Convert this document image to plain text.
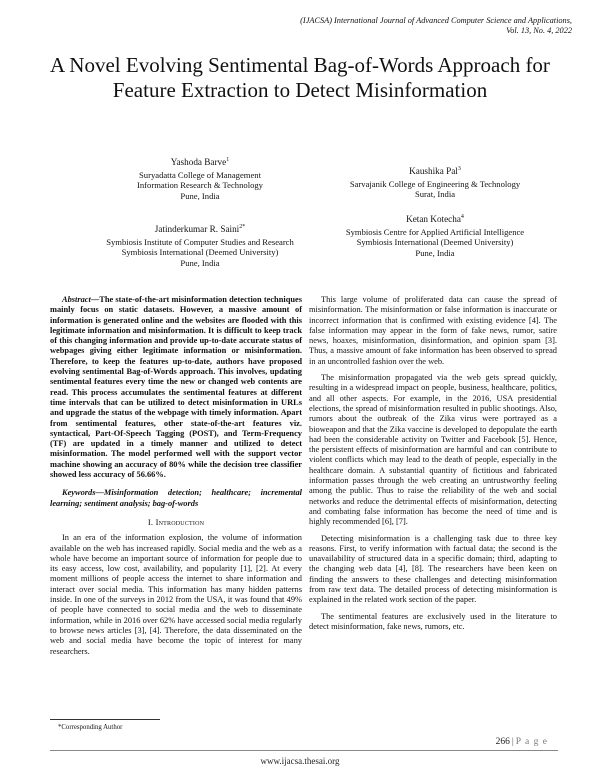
(IJACSA) International Journal of Advanced Computer Science and Applications,
Vol. 13, No. 4, 2022
A Novel Evolving Sentimental Bag-of-Words Approach for Feature Extraction to Detect Misinformation
Yashoda Barve$^1$
Suryadatta College of Management
Information Research & Technology
Pune, India
Jatinderkumar R. Saini$^{2*}$
Symbiosis Institute of Computer Studies and Research
Symbiosis International (Deemed University)
Pune, India
Kaushika Pal$^3$
Sarvajanik College of Engineering & Technology
Surat, India
Ketan Kotecha$^4$
Symbiosis Centre for Applied Artificial Intelligence
Symbiosis International (Deemed University)
Pune, India

Abstract—The state-of-the-art misinformation detection techniques mainly focus on static datasets. However, a massive amount of information is generated online and the websites are flooded with this legitimate information and misinformation. It is difficult to keep track of this changing information and provide up-to-date accurate status of webpages giving either legitimate information or misinformation. Therefore, to keep the features up-to-date, authors have proposed evolving sentimental Bag-of-Words approach. This involves, updating sentimental features every time the new or changed web contents are read. This process accumulates the sentimental features at different time intervals that can be utilized to detect misinformation in URLs and upgrade the status of the webpage with timely information. Apart from sentimental features, other state-of-the-art features viz. syntactical, Part-Of-Speech Tagging (POST), and Term-Frequency (TF) are updated in a timely manner and utilized to detect misinformation. The model performed well with the support vector machine showing an accuracy of 80% while the decision tree classifier showed less accuracy of 56.66%.

Keywords—Misinformation detection; healthcare; incremental learning; sentiment analysis; bag-of-words

I. Introduction

In an era of the information explosion, the volume of information available on the web has increased rapidly. Social media and the web as a whole have become an important source of information for people due to its easy access, low cost, availability, and popularity [1], [2]. At every moment millions of people access the internet to share information and interact over social media. This information has many hidden patterns inside. In one of the surveys in 2012 from the USA, it was found that 49% of people have connected to social media and the web to disseminate information, while in 2016 over 62% have accessed social media regularly to browse news articles [3], [4]. Therefore, the data disseminated on the web and social media have become the topic of interest for many researchers.

This large volume of proliferated data can cause the spread of misinformation. The misinformation or false information is inaccurate or incorrect information that is confirmed with existing evidence [4]. The false information may appear in the form of fake news, rumor, satire news, hoaxes, misinformation, disinformation, and opinion spam [3]. Thus, a massive amount of fake information has been observed to spread in an uncontrolled fashion over the web.

The misinformation propagated via the web gets spread quickly, resulting in a widespread impact on people, business, healthcare, politics, and all other aspects. For example, in the 2016, USA presidential elections, the spread of misinformation resulted in public shootings. Also, rumors about the outbreak of the Zika virus were portrayed as a bioweapon and that the Zika vaccine is developed to depopulate the earth had been the considerable activity on Twitter and Facebook [5]. Hence, the persistent effects of misinformation are harmful and can contribute to violent conflicts which may lead to the death of people, especially in the healthcare domain. A substantial quantity of fictitious and fabricated information passes through the web creating an untrustworthy feeling among the public. Thus to raise the reliability of the web and social networks and reduce the detrimental effects of misinformation, detecting and combating false information has become the need of time and is highly recommended [6], [7].

Detecting misinformation is a challenging task due to three key reasons. First, to verify information with factual data; the second is the unavailability of structured data in a specific domain; third, adapting to the changing web data [4], [8]. The researchers have been keen on finding the answers to these challenges and detecting misinformation from raw text data. The detailed process of detecting misinformation is explained in the related work section of the paper.

The sentimental features are exclusively used in the literature to detect misinformation, fake news, rumors, etc.

*Corresponding Author
266 | P a g e
www.ijacsa.thesai.org
